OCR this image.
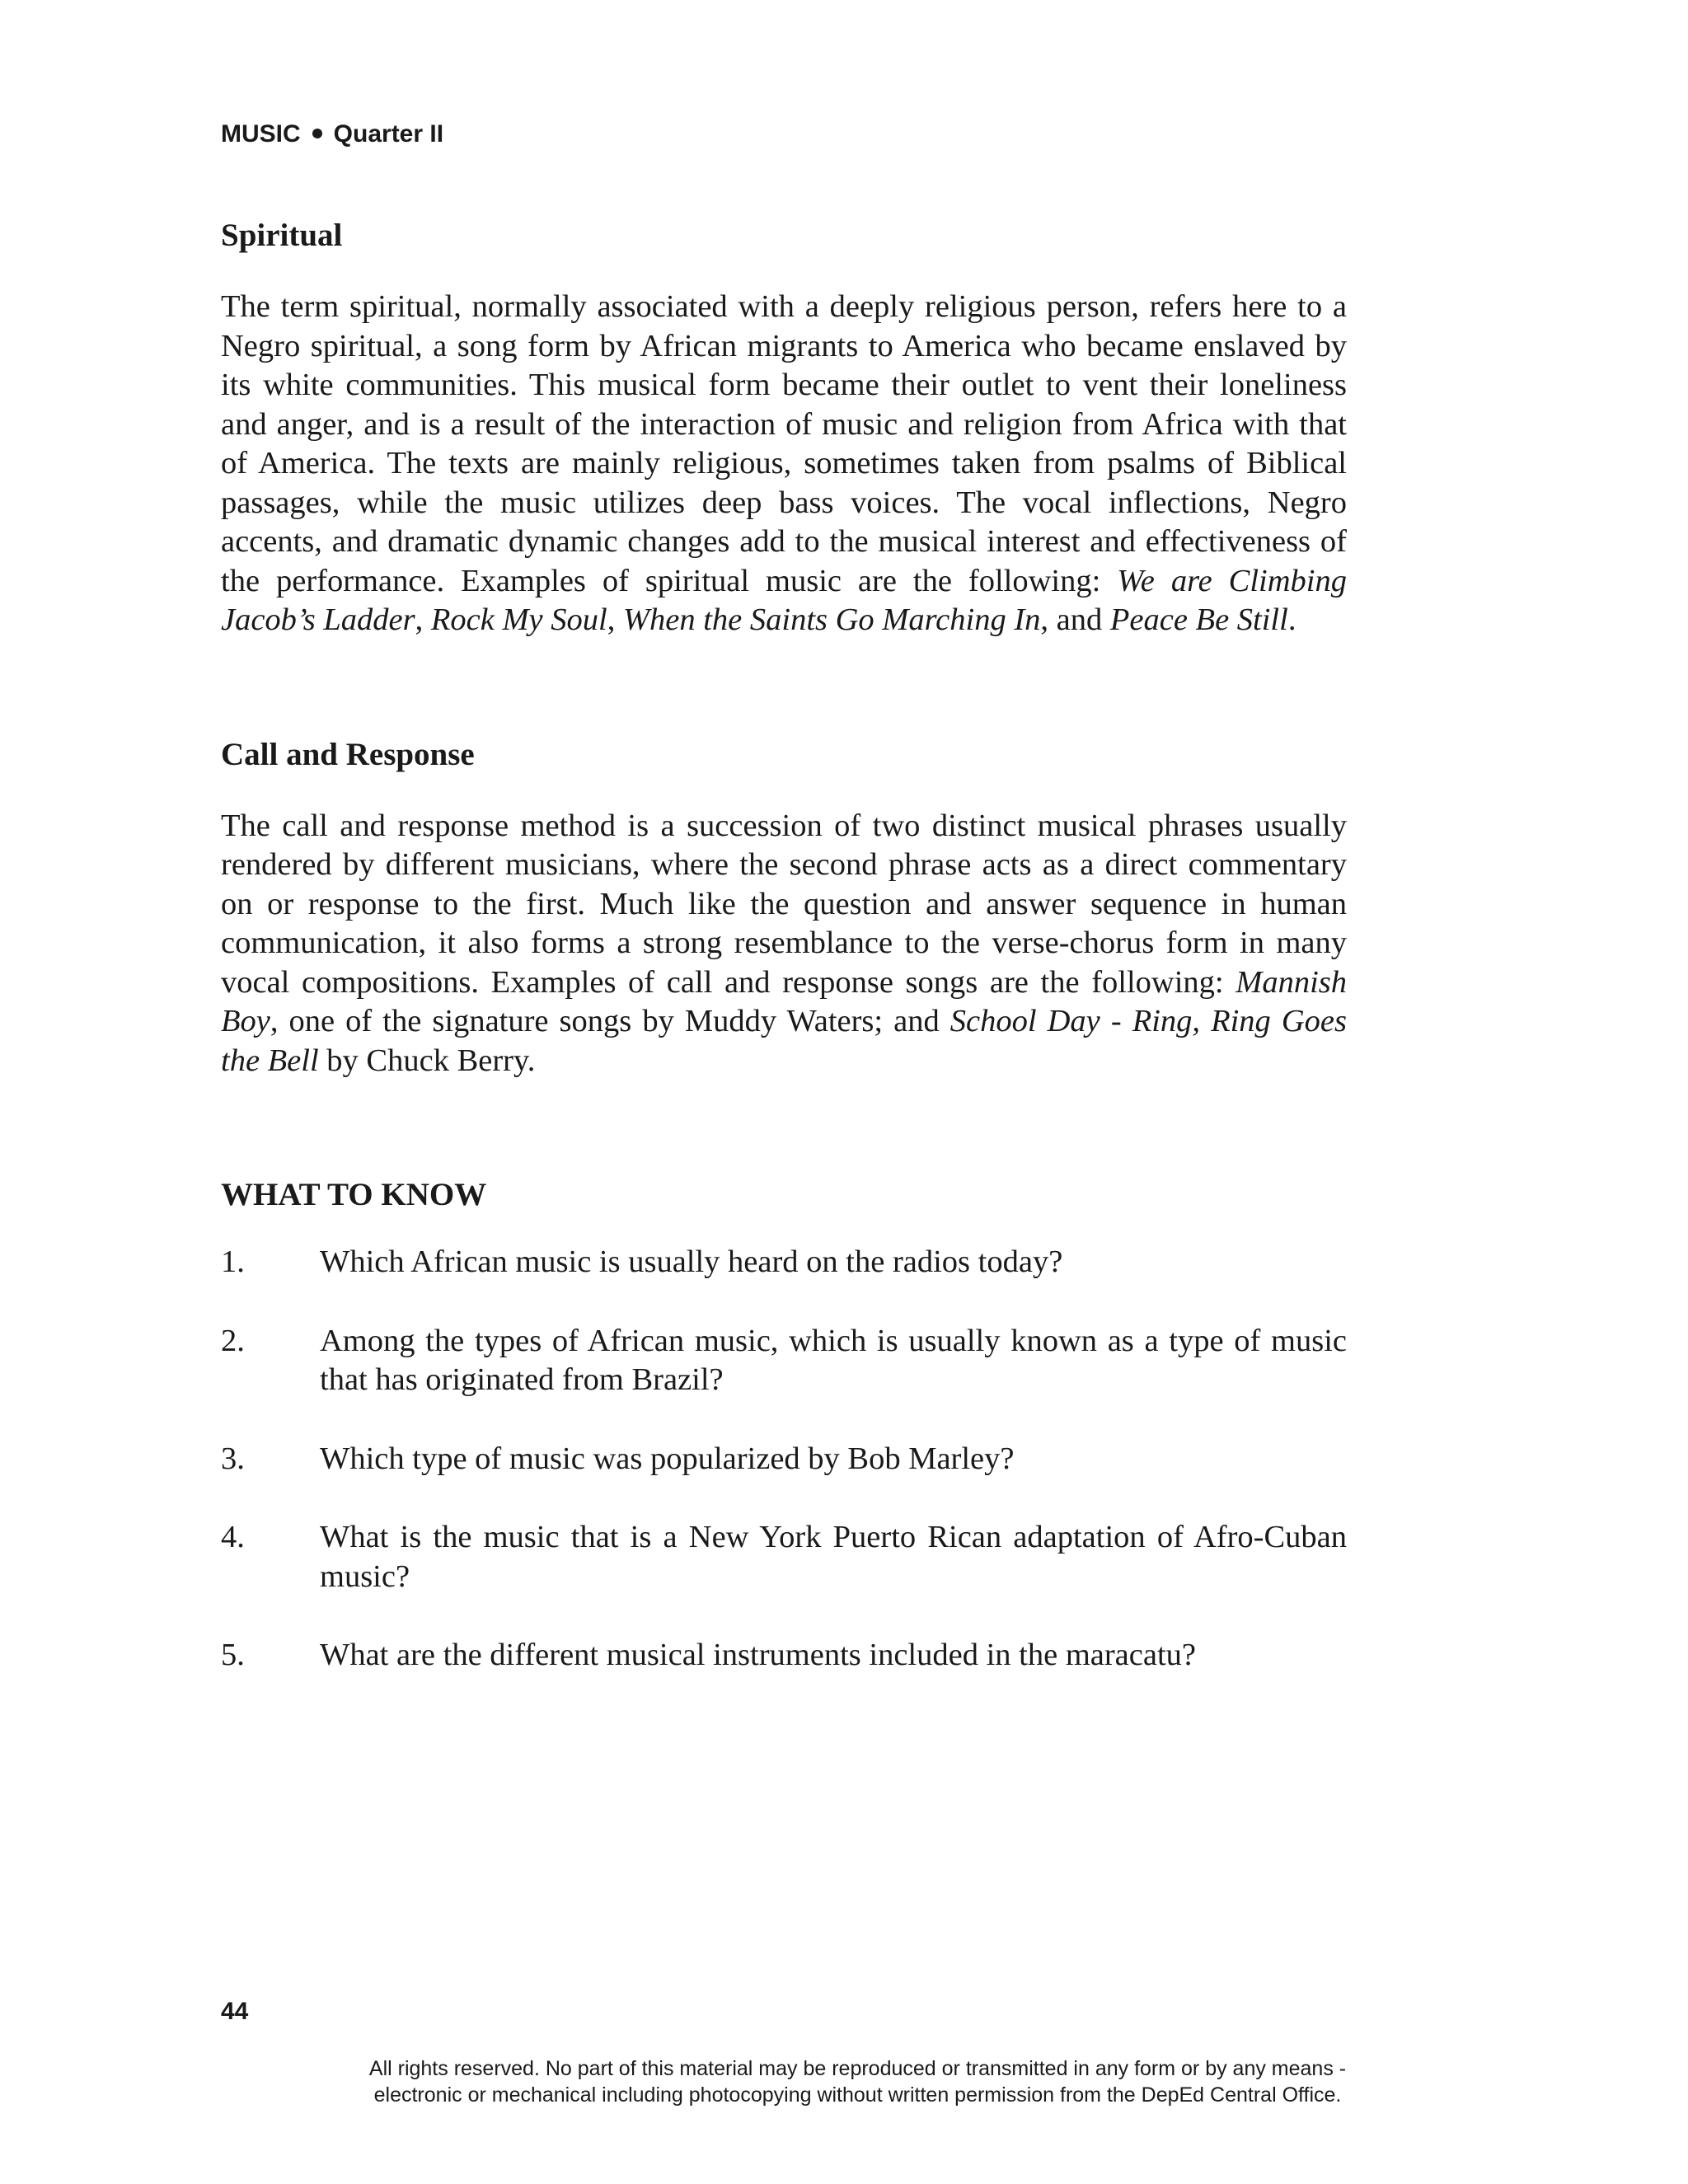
MUSIC Quarter II
Spiritual

The term spiritual, normally associated with a deeply religious person, refers here to a Negro spiritual, a song form by African migrants to America who became enslaved by its white communities. This musical form became their outlet to vent their loneliness and anger, and is a result of the interaction of music and religion from Africa with that of America. The texts are mainly religious, sometimes taken from psalms of Biblical passages, while the music utilizes deep bass voices. The vocal inflections, Negro accents, and dramatic dynamic changes add to the musical interest and effectiveness of the performance. Examples of spiritual music are the following: We are Climbing Jacob’s Ladder, Rock My Soul, When the Saints Go Marching In, and Peace Be Still.

Call and Response

The call and response method is a succession of two distinct musical phrases usually rendered by different musicians, where the second phrase acts as a direct commentary on or response to the first. Much like the question and answer sequence in human communication, it also forms a strong resemblance to the verse-chorus form in many vocal compositions. Examples of call and response songs are the following: Mannish Boy, one of the signature songs by Muddy Waters; and School Day - Ring, Ring Goes the Bell by Chuck Berry.

WHAT TO KNOW
1.	Which African music is usually heard on the radios today?
2.	Among the types of African music, which is usually known as a type of music that has originated from Brazil?
3.	Which type of music was popularized by Bob Marley?
4.	What is the music that is a New York Puerto Rican adaptation of Afro-Cuban music?
5.	What are the different musical instruments included in the maracatu?
44
All rights reserved. No part of this material may be reproduced or transmitted in any form or by any means -
electronic or mechanical including photocopying without written permission from the DepEd Central Office.
